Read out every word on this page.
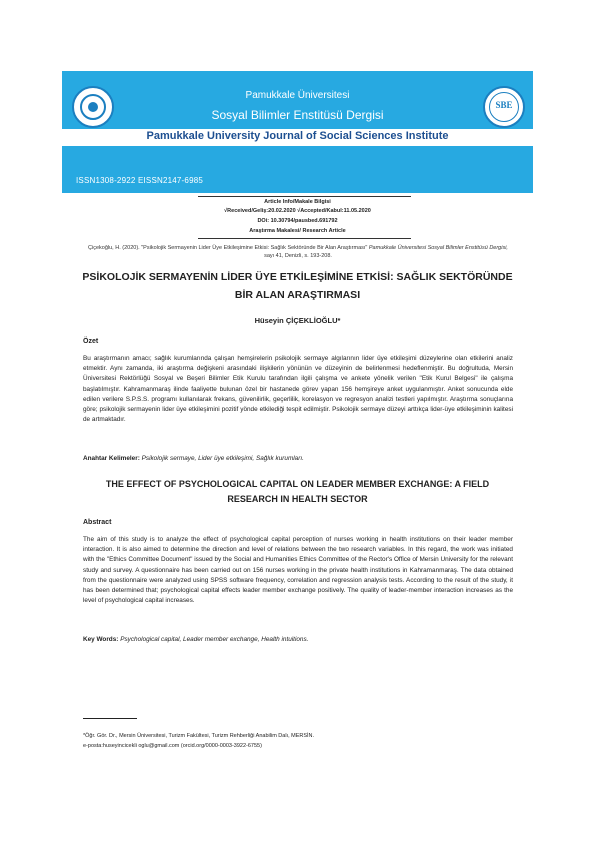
SBE
Pamukkale Üniversitesi
Sosyal Bilimler Enstitüsü Dergisi
Pamukkale University Journal of Social Sciences Institute
ISSN1308-2922 EISSN2147-6985
Article Info/Makale Bilgisi
√Received/Geliş:20.02.2020 √Accepted/Kabul:11.05.2020
DOi: 10.30794/pausbed.691792
Araştırma Makalesi/ Research Article
Çiçekoğlu, H. (2020). "Psikolojik Sermayenin Lider Üye Etkileşimine Etkisi: Sağlık Sektöründe Bir Alan Araştırması" Pamukkale Üniversitesi Sosyal Bilimler Enstitüsü Dergisi, sayı 41, Denizli, s. 193-208.
PSİKOLOJİK SERMAYENİN LİDER ÜYE ETKİLEŞİMİNE ETKİSİ: SAĞLIK SEKTÖRÜNDE BİR ALAN ARAŞTIRMASI
Hüseyin ÇİÇEKLİOĞLU*
Özet
Bu araştırmanın amacı; sağlık kurumlarında çalışan hemşirelerin psikolojik sermaye algılarının lider üye etkileşimi düzeylerine olan etkilerini analiz etmektir. Aynı zamanda, iki araştırma değişkeni arasındaki ilişkilerin yönünün ve düzeyinin de belirlenmesi hedeflenmiştir. Bu doğrultuda, Mersin Üniversitesi Rektörlüğü Sosyal ve Beşeri Bilimler Etik Kurulu tarafından ilgili çalışma ve ankete yönelik verilen "Etik Kurul Belgesi" ile çalışma başlatılmıştır. Kahramanmaraş ilinde faaliyette bulunan özel bir hastanede görev yapan 156 hemşireye anket uygulanmıştır. Anket sonucunda elde edilen verilere S.P.S.S. programı kullanılarak frekans, güvenilirlik, geçerlilik, korelasyon ve regresyon analizi testleri yapılmıştır. Araştırma sonuçlarına göre; psikolojik sermayenin lider üye etkileşimini pozitif yönde etkilediği tespit edilmiştir. Psikolojik sermaye düzeyi arttıkça lider-üye etkileşiminin kalitesi de artmaktadır.
Anahtar Kelimeler: Psikolojik sermaye, Lider üye etkileşimi, Sağlık kurumları.
THE EFFECT OF PSYCHOLOGICAL CAPITAL ON LEADER MEMBER EXCHANGE: A FIELD RESEARCH IN HEALTH SECTOR
Abstract
The aim of this study is to analyze the effect of psychological capital perception of nurses working in health institutions on their leader member interaction. It is also aimed to determine the direction and level of relations between the two research variables. In this regard, the work was initiated with the "Ethics Committee Document" issued by the Social and Humanities Ethics Committee of the Rector's Office of Mersin University for the relevant study and survey. A questionnaire has been carried out on 156 nurses working in the private health institutions in Kahramanmaraş. The data obtained from the questionnaire were analyzed using SPSS software frequency, correlation and regression analysis tests. According to the result of the study, it has been determined that; psychological capital effects leader member exchange positively. The quality of leader-member interaction increases as the level of psychological capital increases.
Key Words: Psychological capital, Leader member exchange, Health intuitions.
*Öğr. Gör. Dr., Mersin Üniversitesi, Turizm Fakültesi, Turizm Rehberliği Anabilim Dalı, MERSİN.
e-posta:huseyincicekli oglu@gmail.com (orcid.org/0000-0003-3922-6755)
